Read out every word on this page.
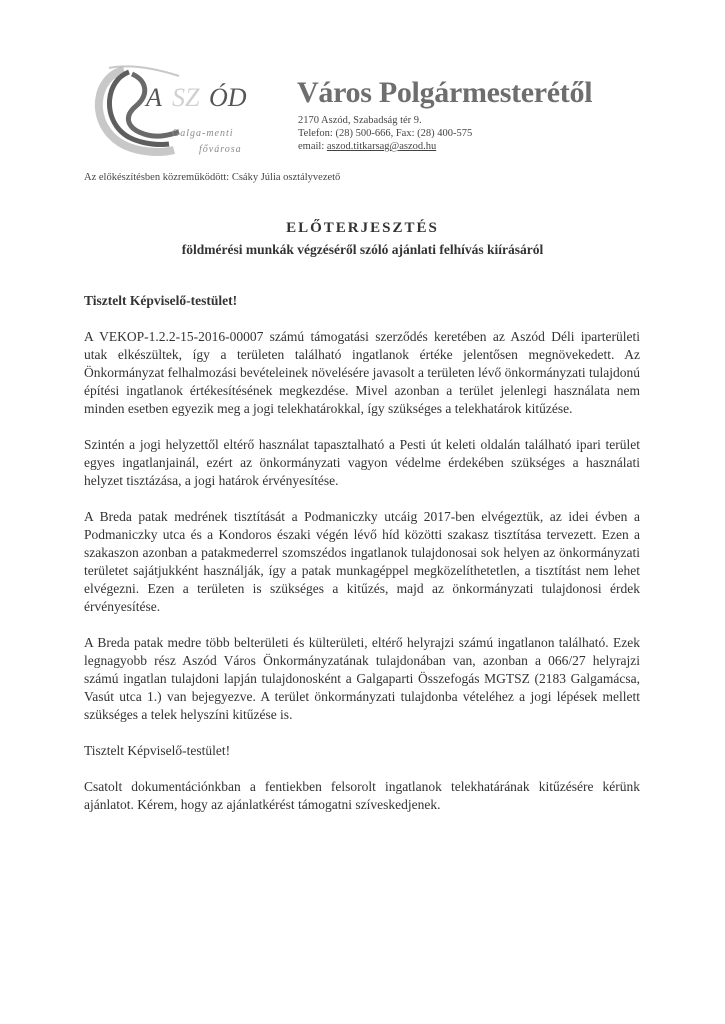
A SZ ÓD
Galga-menti
fővárosa
Város Polgármesterétől
2170 Aszód, Szabadság tér 9.
Telefon: (28) 500-666, Fax: (28) 400-575
email: aszod.titkarsag@aszod.hu
Az előkészítésben közreműködött: Csáky Júlia osztályvezető
ELŐTERJESZTÉS
földmérési munkák végzéséről szóló ajánlati felhívás kiírásáról

Tisztelt Képviselő-testület!

A VEKOP-1.2.2-15-2016-00007 számú támogatási szerződés keretében az Aszód Déli iparterületi utak elkészültek, így a területen található ingatlanok értéke jelentősen megnövekedett. Az Önkormányzat felhalmozási bevételeinek növelésére javasolt a területen lévő önkormányzati tulajdonú építési ingatlanok értékesítésének megkezdése. Mivel azonban a terület jelenlegi használata nem minden esetben egyezik meg a jogi telekhatárokkal, így szükséges a telekhatárok kitűzése.

Szintén a jogi helyzettől eltérő használat tapasztalható a Pesti út keleti oldalán található ipari terület egyes ingatlanjainál, ezért az önkormányzati vagyon védelme érdekében szükséges a használati helyzet tisztázása, a jogi határok érvényesítése.

A Breda patak medrének tisztítását a Podmaniczky utcáig 2017-ben elvégeztük, az idei évben a Podmaniczky utca és a Kondoros északi végén lévő híd közötti szakasz tisztítása tervezett. Ezen a szakaszon azonban a patakmederrel szomszédos ingatlanok tulajdonosai sok helyen az önkormányzati területet sajátjukként használják, így a patak munkagéppel megközelíthetetlen, a tisztítást nem lehet elvégezni. Ezen a területen is szükséges a kitűzés, majd az önkormányzati tulajdonosi érdek érvényesítése.

A Breda patak medre több belterületi és külterületi, eltérő helyrajzi számú ingatlanon található. Ezek legnagyobb rész Aszód Város Önkormányzatának tulajdonában van, azonban a 066/27 helyrajzi számú ingatlan tulajdoni lapján tulajdonosként a Galgaparti Összefogás MGTSZ (2183 Galgamácsa, Vasút utca 1.) van bejegyezve. A terület önkormányzati tulajdonba vételéhez a jogi lépések mellett szükséges a telek helyszíni kitűzése is.

Tisztelt Képviselő-testület!

Csatolt dokumentációnkban a fentiekben felsorolt ingatlanok telekhatárának kitűzésére kérünk ajánlatot. Kérem, hogy az ajánlatkérést támogatni szíveskedjenek.
